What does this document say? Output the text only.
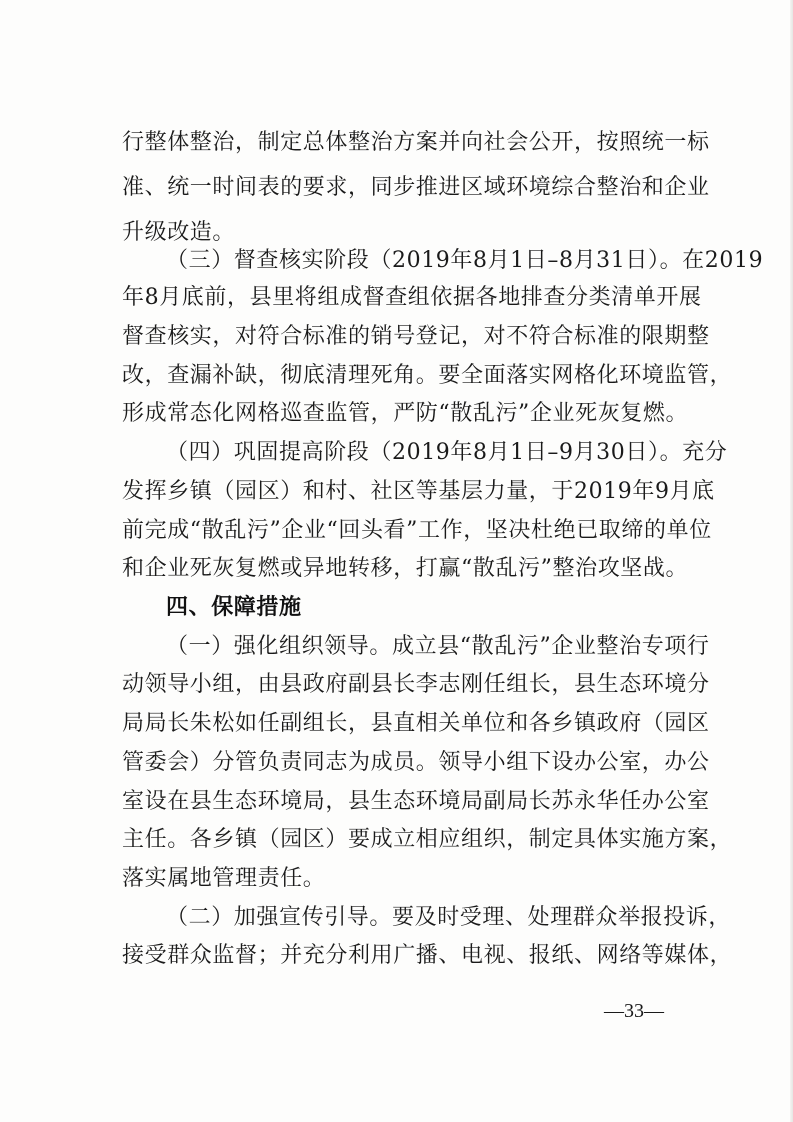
行整体整治，制定总体整治方案并向社会公开，按照统一标
准、统一时间表的要求，同步推进区域环境综合整治和企业
升级改造。
（三）督查核实阶段（2019年8月1日–8月31日）。在2019
年8月底前，县里将组成督查组依据各地排查分类清单开展
督查核实，对符合标准的销号登记，对不符合标准的限期整
改，查漏补缺，彻底清理死角。要全面落实网格化环境监管，
形成常态化网格巡查监管，严防“散乱污”企业死灰复燃。
（四）巩固提高阶段（2019年8月1日–9月30日）。充分
发挥乡镇（园区）和村、社区等基层力量，于2019年9月底
前完成“散乱污”企业“回头看”工作，坚决杜绝已取缔的单位
和企业死灰复燃或异地转移，打赢“散乱污”整治攻坚战。
四、保障措施
（一）强化组织领导。成立县“散乱污”企业整治专项行
动领导小组，由县政府副县长李志刚任组长，县生态环境分
局局长朱松如任副组长，县直相关单位和各乡镇政府（园区
管委会）分管负责同志为成员。领导小组下设办公室，办公
室设在县生态环境局，县生态环境局副局长苏永华任办公室
主任。各乡镇（园区）要成立相应组织，制定具体实施方案，
落实属地管理责任。
（二）加强宣传引导。要及时受理、处理群众举报投诉，
接受群众监督；并充分利用广播、电视、报纸、网络等媒体，
—33—
